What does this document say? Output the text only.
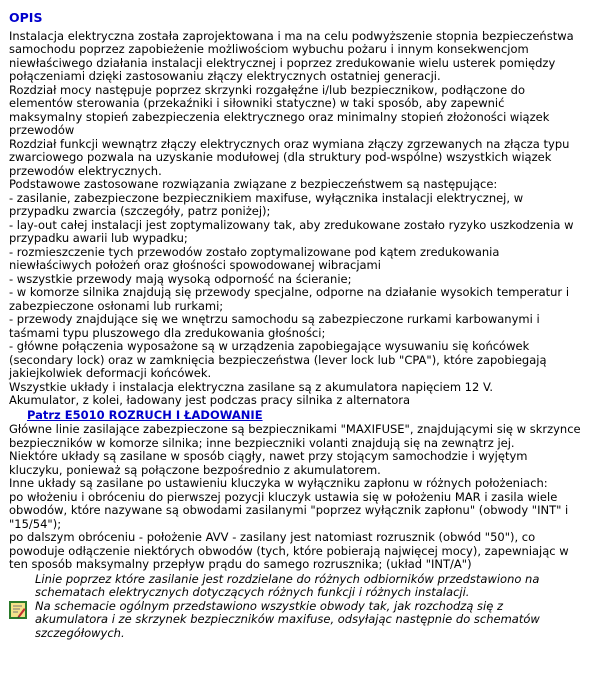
OPIS

Instalacja elektryczna została zaprojektowana i ma na celu podwyższenie stopnia bezpieczeństwa samochodu poprzez zapobieżenie możliwościom wybuchu pożaru i innym konsekwencjom niewłaściwego działania instalacji elektrycznej i poprzez zredukowanie wielu usterek pomiędzy połączeniami dzięki zastosowaniu złączy elektrycznych ostatniej generacji.

Rozdział mocy następuje poprzez skrzynki rozgałęźne i/lub bezpiecznikow, podłączone do elementów sterowania (przekaźniki i siłowniki statyczne) w taki sposób, aby zapewnić maksymalny stopień zabezpieczenia elektrycznego oraz minimalny stopień złożoności wiązek przewodów

Rozdział funkcji wewnątrz złączy elektrycznych oraz wymiana złączy zgrzewanych na złącza typu zwarciowego pozwala na uzyskanie modułowej (dla struktury pod-wspólne) wszystkich wiązek przewodów elektrycznych.

Podstawowe zastosowane rozwiązania związane z bezpieczeństwem są następujące:

- zasilanie, zabezpieczone bezpiecznikiem maxifuse, wyłącznika instalacji elektrycznej, w przypadku zwarcia (szczegóły, patrz poniżej);

- lay-out całej instalacji jest zoptymalizowany tak, aby zredukowane zostało ryzyko uszkodzenia w przypadku awarii lub wypadku;

- rozmieszczenie tych przewodów zostało zoptymalizowane pod kątem zredukowania niewłaściwych położeń oraz głośności spowodowanej wibracjami

- wszystkie przewody mają wysoką odporność na ścieranie;

- w komorze silnika znajdują się przewody specjalne, odporne na działanie wysokich temperatur i zabezpieczone osłonami lub rurkami;

- przewody znajdujące się we wnętrzu samochodu są zabezpieczone rurkami karbowanymi i taśmami typu pluszowego dla zredukowania głośności;

- główne połączenia wyposażone są w urządzenia zapobiegające wysuwaniu się końcówek (secondary lock) oraz w zamknięcia bezpieczeństwa (lever lock lub "CPA"), które zapobiegają jakiejkolwiek deformacji końcówek.

Wszystkie układy i instalacja elektryczna zasilane są z akumulatora napięciem 12 V.

Akumulator, z kolei, ładowany jest podczas pracy silnika z alternatora

Patrz E5010 ROZRUCH I ŁADOWANIE

Główne linie zasilające zabezpieczone są bezpiecznikami "MAXIFUSE", znajdującymi się w skrzynce bezpieczników w komorze silnika; inne bezpieczniki volanti znajdują się na zewnątrz jej.

Niektóre układy są zasilane w sposób ciągły, nawet przy stojącym samochodzie i wyjętym kluczyku, ponieważ są połączone bezpośrednio z akumulatorem.

Inne układy są zasilane po ustawieniu kluczyka w wyłączniku zapłonu w różnych położeniach:

po włożeniu i obróceniu do pierwszej pozycji kluczyk ustawia się w położeniu MAR i zasila wiele obwodów, które nazywane są obwodami zasilanymi "poprzez wyłącznik zapłonu" (obwody "INT" i "15/54");

po dalszym obróceniu - położenie AVV - zasilany jest natomiast rozrusznik (obwód "50"), co powoduje odłączenie niektórych obwodów (tych, które pobierają najwięcej mocy), zapewniając w ten sposób maksymalny przepływ prądu do samego rozrusznika; (układ "INT/A")

Linie poprzez które zasilanie jest rozdzielane do różnych odbiorników przedstawiono na schematach elektrycznych dotyczących różnych funkcji i różnych instalacji.

Na schemacie ogólnym przedstawiono wszystkie obwody tak, jak rozchodzą się z akumulatora i ze skrzynek bezpieczników maxifuse, odsyłając następnie do schematów szczegółowych.
